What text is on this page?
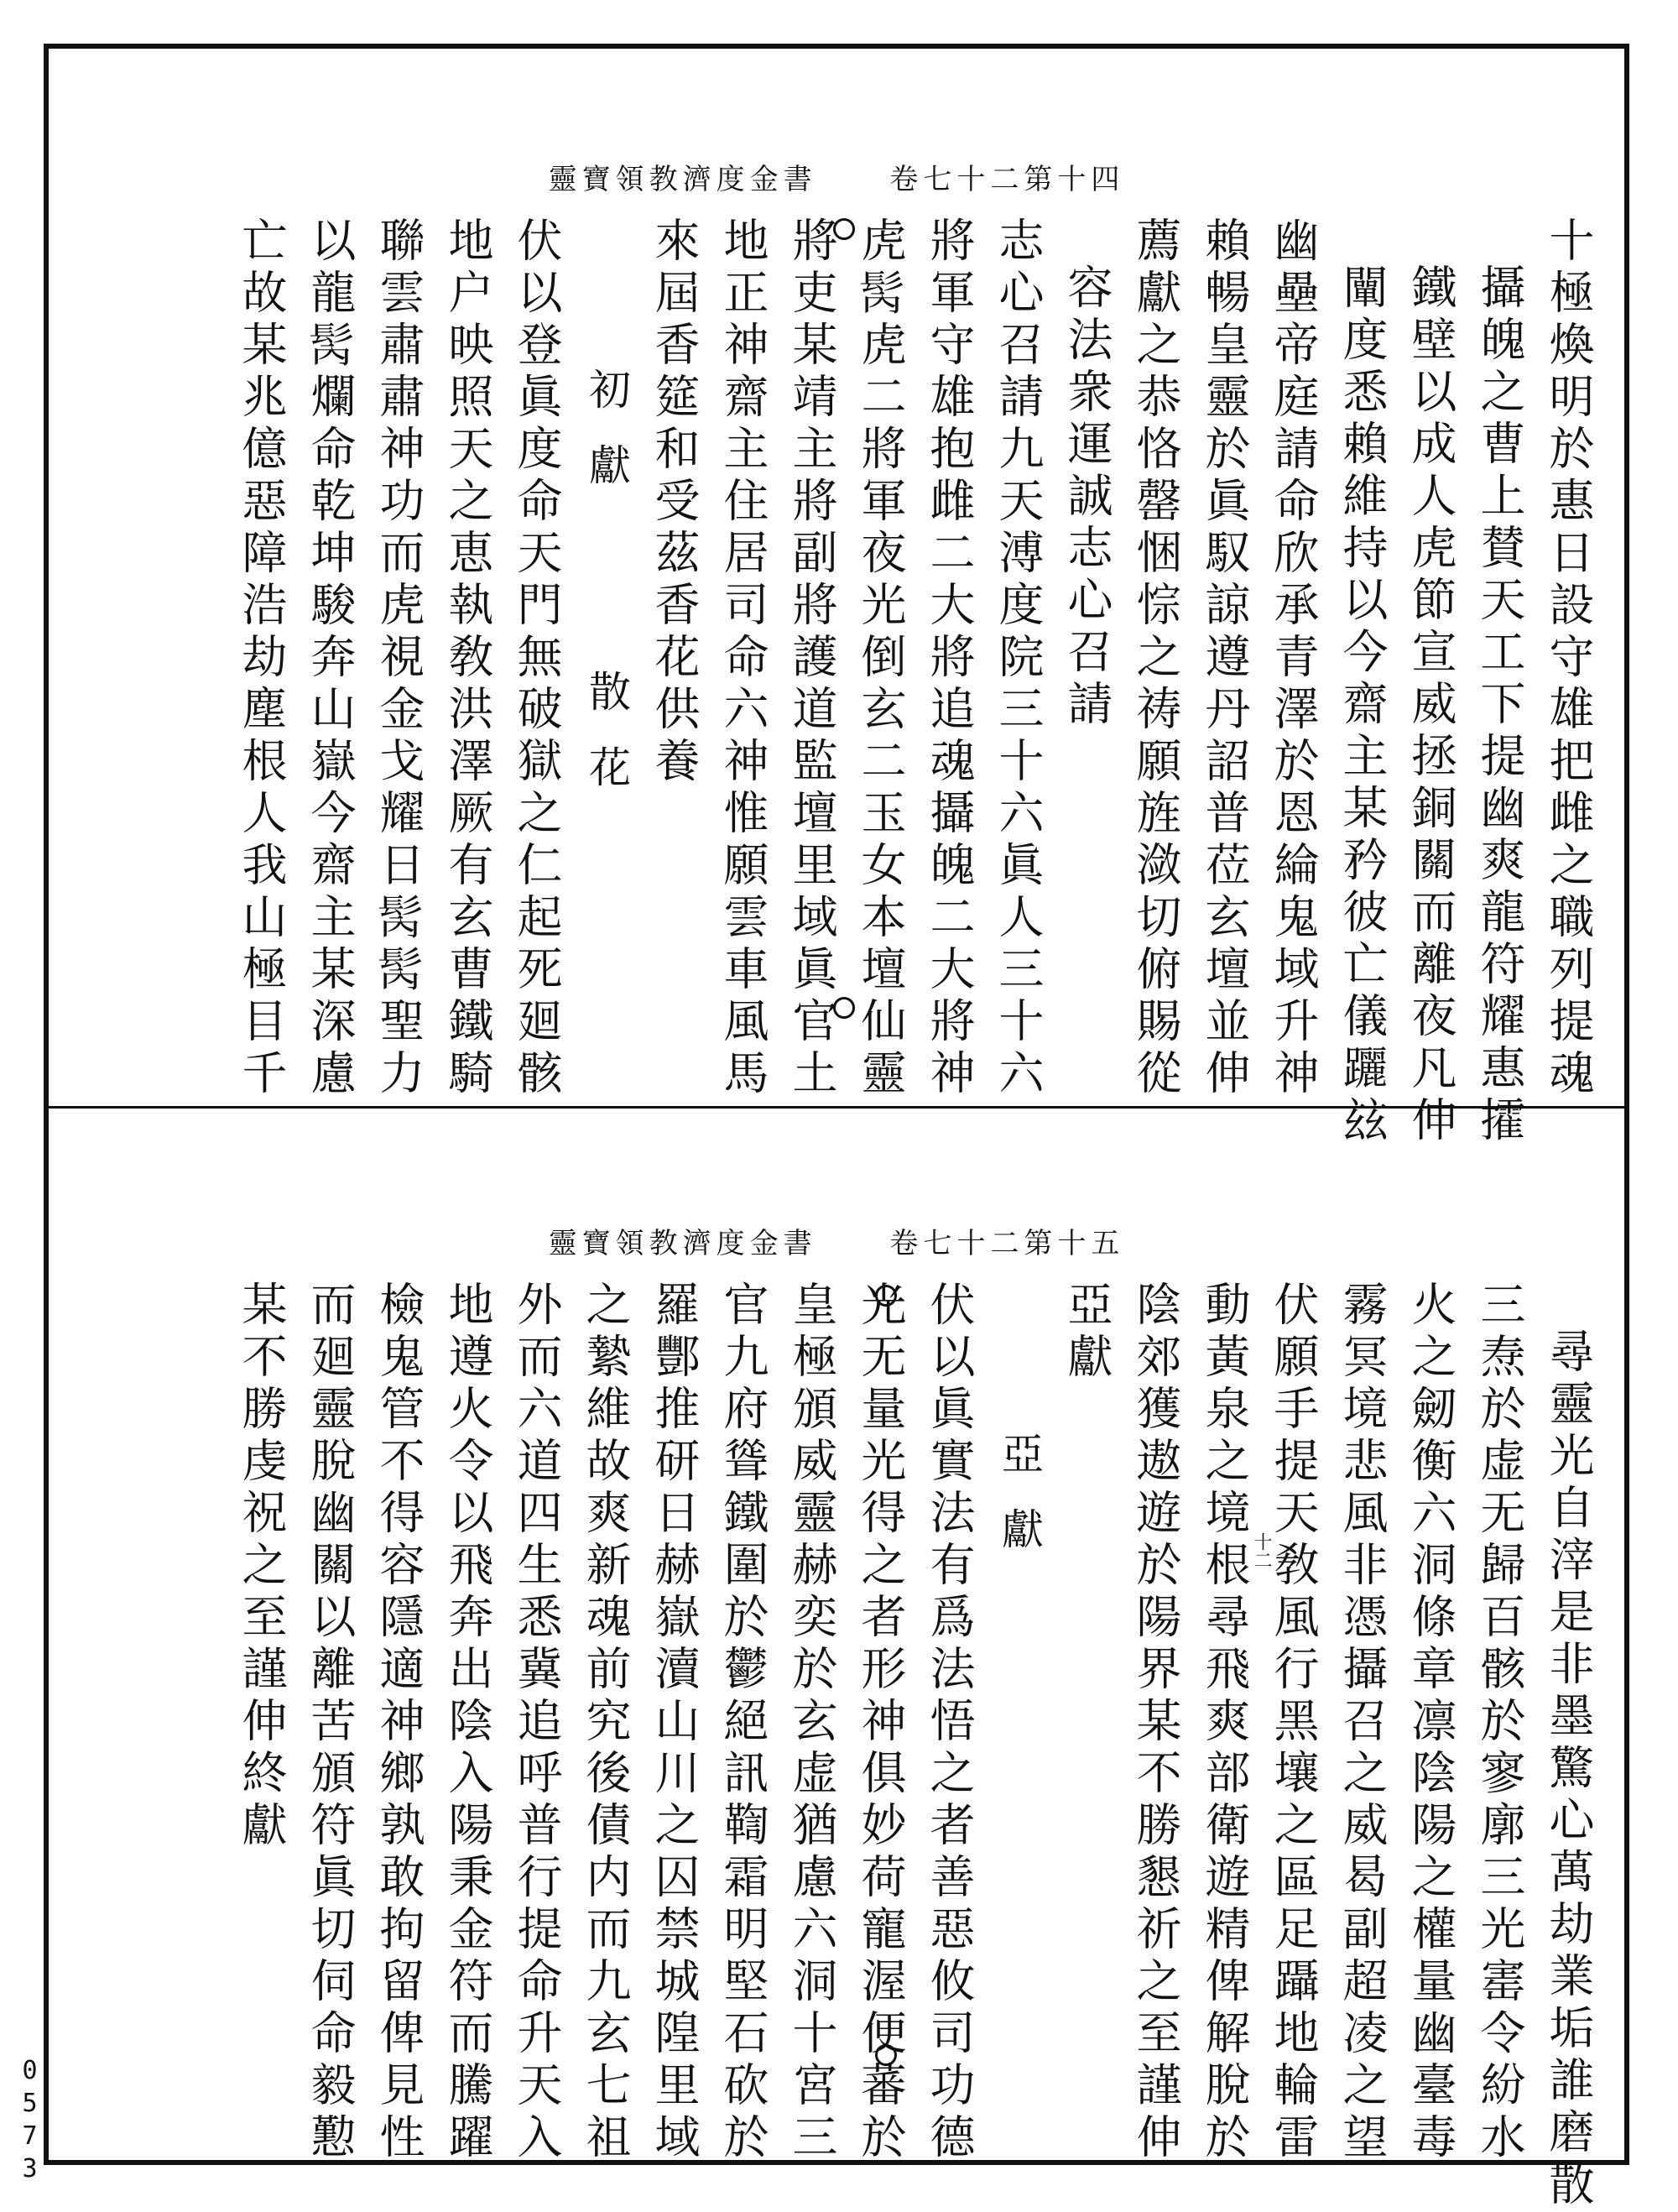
靈寶領教濟度金書	卷七十二第十四
十極煥明於惠日設守雄把雌之職列提魂
攝魄之曹上賛天工下提幽爽龍符耀惠攉
鐵壁以成人虎節宣威拯銅關而離夜凡伸
闡度悉賴維持以今齋主某矜彼亡儀躧玆
幽壘帝庭請命欣承青澤於恩綸鬼域升神
賴暢皇靈於眞馭諒遵丹詔普莅玄壇並伸
薦獻之恭恪罄悃悰之祷願旌潋切俯賜從
容法衆運誠志心召請
志心召請九天溥度院三十六眞人三十六
將軍守雄抱雌二大將追魂攝魄二大將神
虎𩬀虎二將軍夜光倒玄二玉女本壇仙靈
將吏某靖主將副將護道監壇里域眞官土
地正神齋主住居司命六神惟願雲車風馬
來屆香筵和受茲香花供養
初獻　　散花
伏以登眞度命天門無破獄之仁起死廻骸
地户映照天之恵執敎洪澤厥有玄曹鐵騎
聯雲肅肅神功而虎視金戈耀日𩬀𩬀聖力
以龍𩬀爛命乾坤駿奔山嶽今齋主某深慮
亡故某兆億惡障浩劫塵根人我山極目千
靈寶領教濟度金書	卷七十二第十五
尋靈光自滓是非墨驚心萬劫業垢誰磨散
三焘於虚无歸百骸於寥廓三光寚令紛水
火之劒衡六洞條章凛陰陽之權量幽臺毒
霧冥境悲風非憑攝召之威曷副超凌之望
伏願手提天敎風行黑壤之區足躡地輪雷
動黃泉之境根尋飛爽部衛遊精俾解脫於
陰郊獲遨遊於陽界某不勝懇祈之至謹伸
亞獻
亞獻
伏以眞實法有爲法悟之者善惡攸司功德
光无量光得之者形神俱妙荷寵渥便蕃於
皇極頒威靈赫奕於玄虚猶慮六洞十宮三
官九府聳鐵圍於鬱絕訊鞫霜明堅石砍於
羅酆推研日赫嶽瀆山川之囚禁城隍里域
之縶維故爽新魂前究後債内而九玄七祖
外而六道四生悉冀追呼普行提命升天入
地遵火令以飛奔出陰入陽秉金符而騰躍
檢鬼管不得容隱適神鄉孰敢拘留俾見性
而廻靈脫幽關以離苦頒符眞切伺命毅懃
某不勝虔祝之至謹伸終獻	十二
0573
